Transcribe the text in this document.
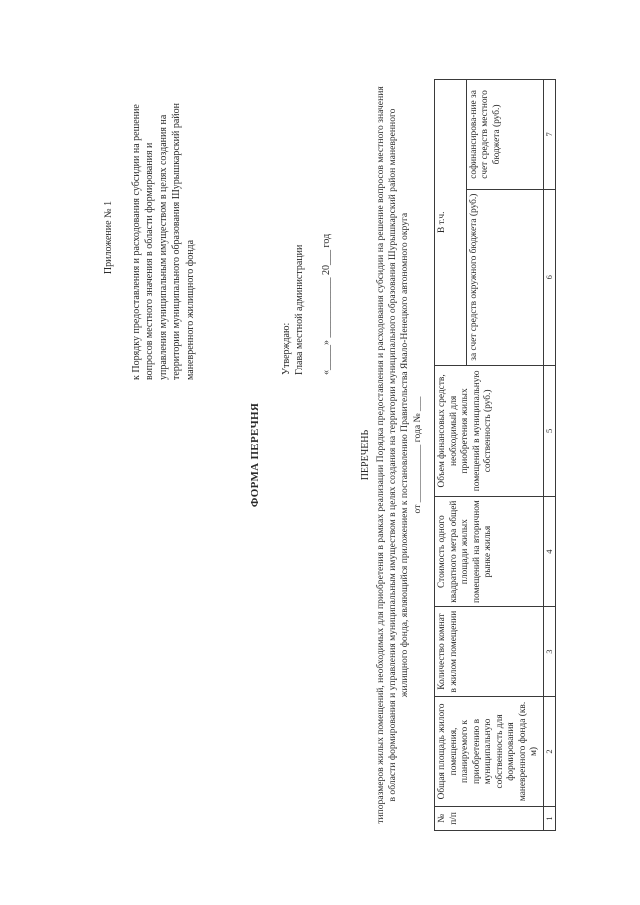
Приложение № 1 к Порядку предоставления и расходования субсидии на решение вопросов местного значения в области формирования и управления муниципальным имуществом в целях создания на территории муниципального образования Шурышкарский район маневренного жилищного фонда
ФОРМА ПЕРЕЧНЯ
Утверждаю: Глава местной администрации «_____» ____________ 20___ год
ПЕРЕЧЕНЬ типоразмеров жилых помещений, необходимых для приобретения в рамках реализации Порядка предоставления и расходования субсидии на решение вопросов местного значения в области формирования и управления муниципальным имуществом в целях создания на территории муниципального образования Шурышкарский район маневренного жилищного фонда, являющийся приложением к постановлению Правительства Ямало-Ненецкого автономного округа от ____________ года № ___
№ п/п	Общая площадь жилого помещения, планируемого к приобретению в муниципальную собственность для формирования маневренного фонда (кв. м)	Количество комнат в жилом помещении	Стоимость одного квадратного метра общей площади жилых помещений на вторичном рынке жилья	Объем финансовых средств, необходимый для приобретения жилых помещений в муниципальную собственность (руб.)	В т.ч.	
					за счет средств окружного бюджета (руб.)	софинансирова-ние за счет средств местного бюджета (руб.)
1	2	3	4	5	6	7
